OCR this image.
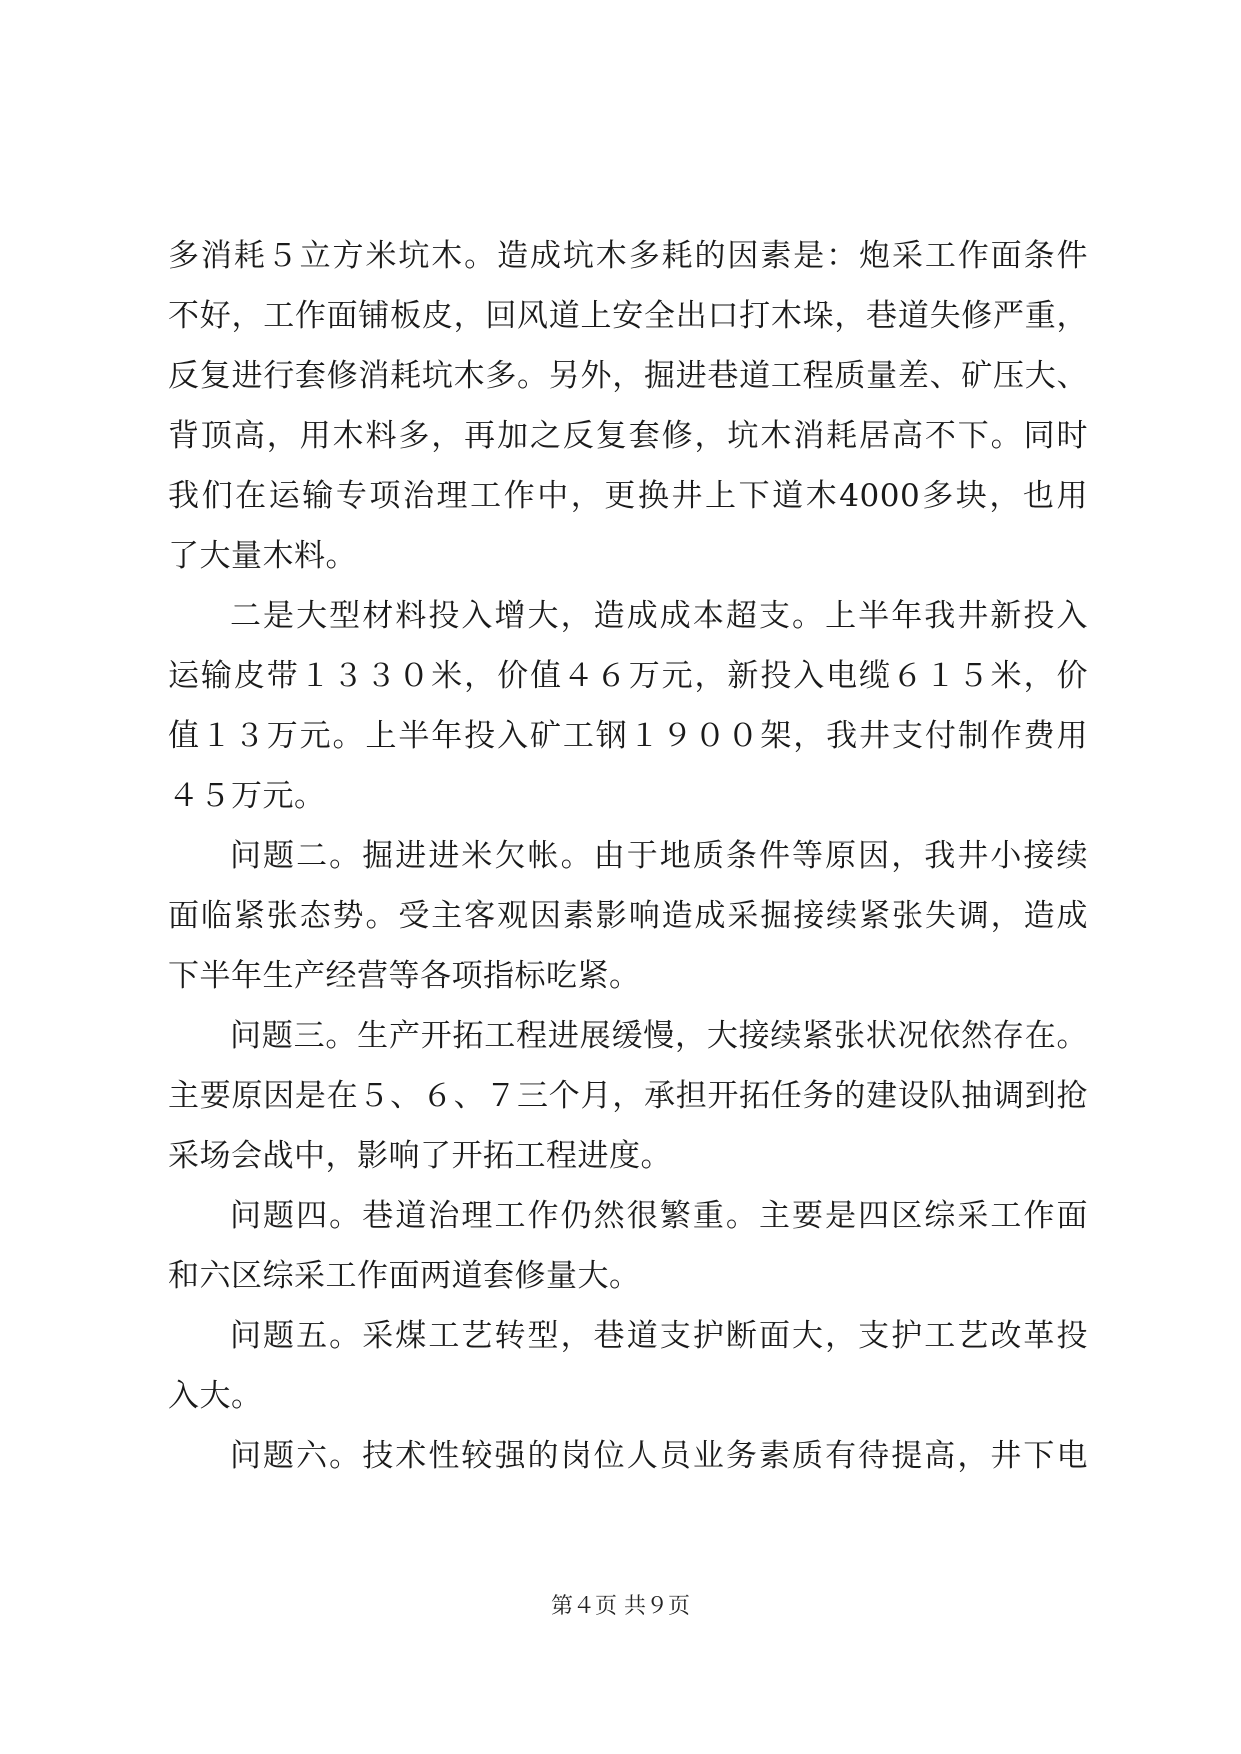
多消耗５立方米坑木。造成坑木多耗的因素是：炮采工作面条件
不好，工作面铺板皮，回风道上安全出口打木垛，巷道失修严重，
反复进行套修消耗坑木多。另外，掘进巷道工程质量差、矿压大、
背顶高，用木料多，再加之反复套修，坑木消耗居高不下。同时
我们在运输专项治理工作中，更换井上下道木4000多块，也用
了大量木料。
二是大型材料投入增大，造成成本超支。上半年我井新投入
运输皮带１３３０米，价值４６万元，新投入电缆６１５米，价
值１３万元。上半年投入矿工钢１９００架，我井支付制作费用
４５万元。
问题二。掘进进米欠帐。由于地质条件等原因，我井小接续
面临紧张态势。受主客观因素影响造成采掘接续紧张失调，造成
下半年生产经营等各项指标吃紧。
问题三。生产开拓工程进展缓慢，大接续紧张状况依然存在。
主要原因是在５、６、７三个月，承担开拓任务的建设队抽调到抢
采场会战中，影响了开拓工程进度。
问题四。巷道治理工作仍然很繁重。主要是四区综采工作面
和六区综采工作面两道套修量大。
问题五。采煤工艺转型，巷道支护断面大，支护工艺改革投
入大。
问题六。技术性较强的岗位人员业务素质有待提高，井下电
第４页 共９页
